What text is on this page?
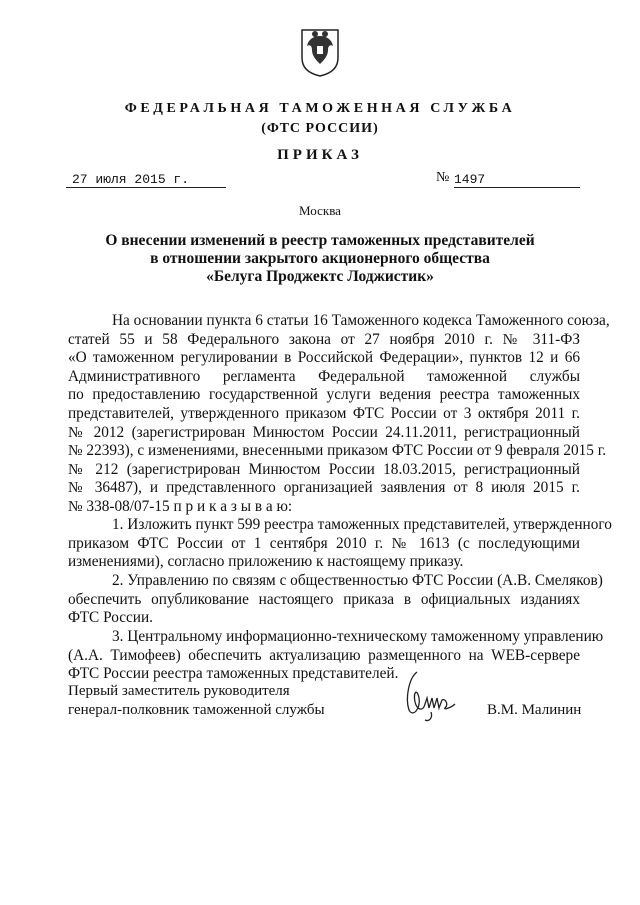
ФЕДЕРАЛЬНАЯ ТАМОЖЕННАЯ СЛУЖБА
(ФТС РОССИИ)
ПРИКАЗ
27 июля 2015 г.	№ 1497
Москва
О внесении изменений в реестр таможенных представителей
в отношении закрытого акционерного общества
«Белуга Проджектс Лоджистик»
На основании пункта 6 статьи 16 Таможенного кодекса Таможенного союза,
статей 55 и 58 Федерального закона от 27 ноября 2010 г. № 311-ФЗ
«О таможенном регулировании в Российской Федерации», пунктов 12 и 66
Административного регламента Федеральной таможенной службы
по предоставлению государственной услуги ведения реестра таможенных
представителей, утвержденного приказом ФТС России от 3 октября 2011 г.
№ 2012 (зарегистрирован Минюстом России 24.11.2011, регистрационный
№ 22393), с изменениями, внесенными приказом ФТС России от 9 февраля 2015 г.
№ 212 (зарегистрирован Минюстом России 18.03.2015, регистрационный
№ 36487), и представленного организацией заявления от 8 июля 2015 г.
№ 338-08/07-15 п р и к а з ы в а ю:
1. Изложить пункт 599 реестра таможенных представителей, утвержденного
приказом ФТС России от 1 сентября 2010 г. № 1613 (с последующими
изменениями), согласно приложению к настоящему приказу.
2. Управлению по связям с общественностью ФТС России (А.В. Смеляков)
обеспечить опубликование настоящего приказа в официальных изданиях
ФТС России.
3. Центральному информационно-техническому таможенному управлению
(А.А. Тимофеев) обеспечить актуализацию размещенного на WEB-сервере
ФТС России реестра таможенных представителей.
Первый заместитель руководителя
генерал-полковник таможенной службы	В.М. Малинин
